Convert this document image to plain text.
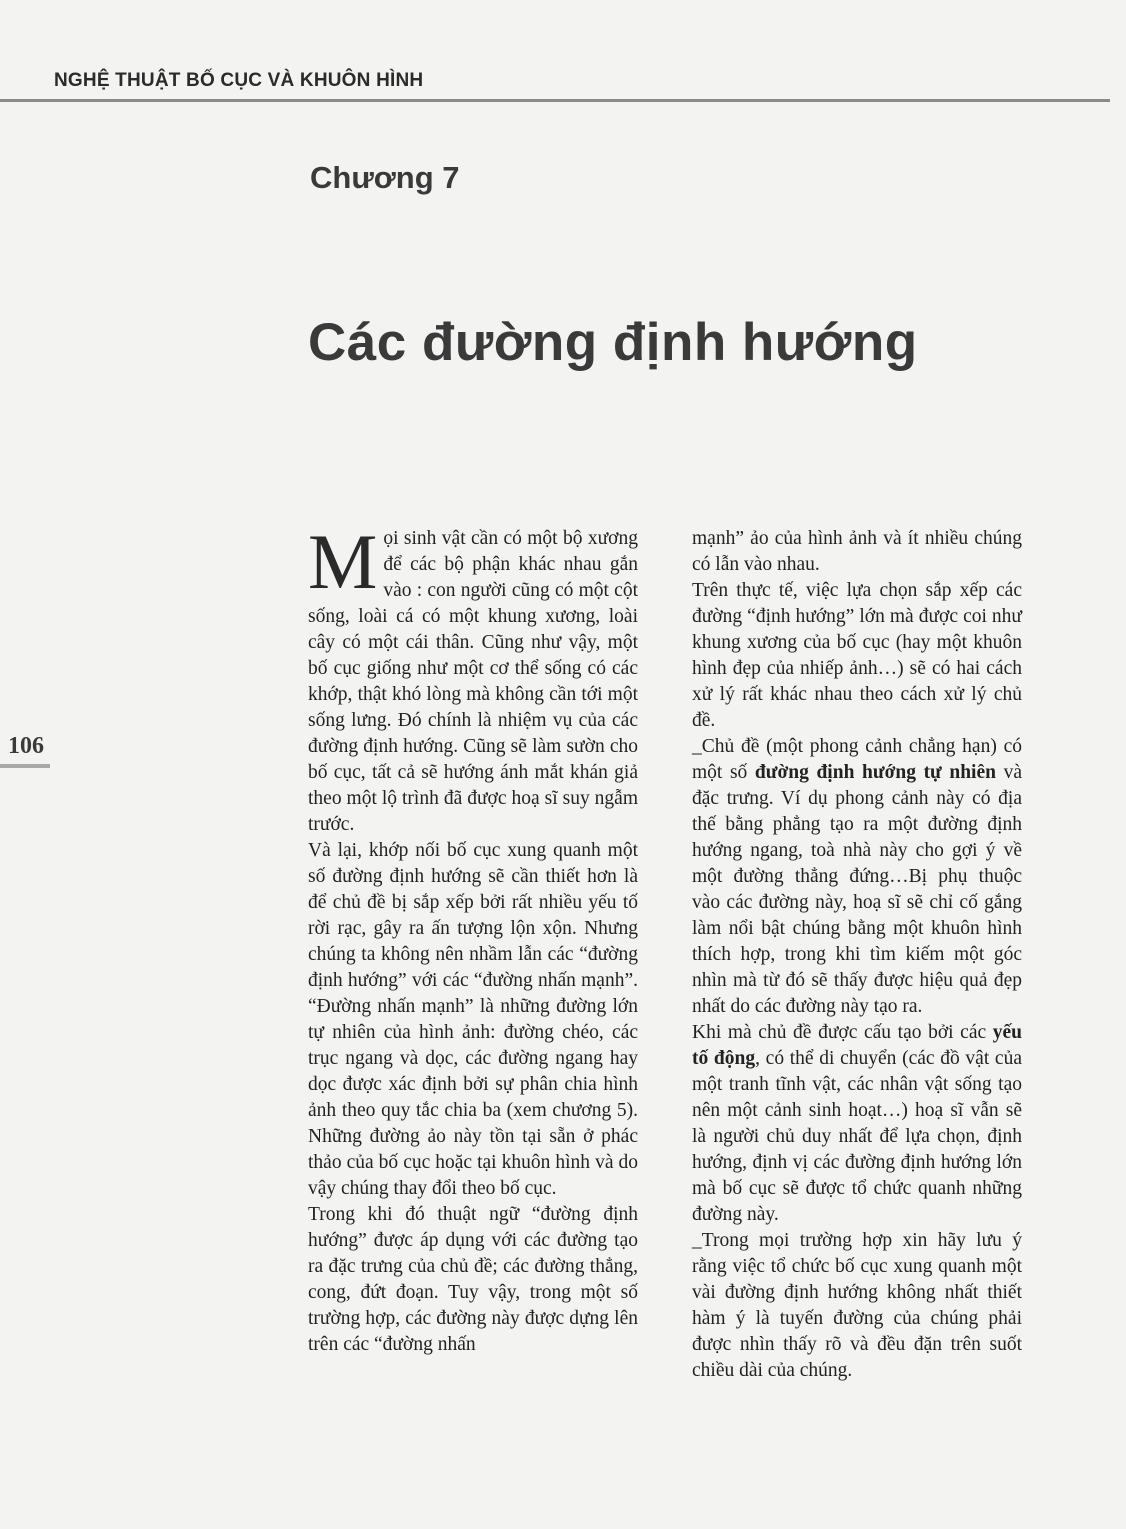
NGHỆ THUẬT BỐ CỤC VÀ KHUÔN HÌNH
Chương 7
Các đường định hướng
106

Mọi sinh vật cần có một bộ xương để các bộ phận khác nhau gắn vào : con người cũng có một cột sống, loài cá có một khung xương, loài cây có một cái thân. Cũng như vậy, một bố cục giống như một cơ thể sống có các khớp, thật khó lòng mà không cần tới một sống lưng. Đó chính là nhiệm vụ của các đường định hướng. Cũng sẽ làm sườn cho bố cục, tất cả sẽ hướng ánh mắt khán giả theo một lộ trình đã được hoạ sĩ suy ngẫm trước.

Và lại, khớp nối bố cục xung quanh một số đường định hướng sẽ cần thiết hơn là để chủ đề bị sắp xếp bởi rất nhiều yếu tố rời rạc, gây ra ấn tượng lộn xộn. Nhưng chúng ta không nên nhầm lẫn các “đường định hướng” với các “đường nhấn mạnh”. “Đường nhấn mạnh” là những đường lớn tự nhiên của hình ảnh: đường chéo, các trục ngang và dọc, các đường ngang hay dọc được xác định bởi sự phân chia hình ảnh theo quy tắc chia ba (xem chương 5). Những đường ảo này tồn tại sẵn ở phác thảo của bố cục hoặc tại khuôn hình và do vậy chúng thay đổi theo bố cục.

Trong khi đó thuật ngữ “đường định hướng” được áp dụng với các đường tạo ra đặc trưng của chủ đề; các đường thẳng, cong, đứt đoạn. Tuy vậy, trong một số trường hợp, các đường này được dựng lên trên các “đường nhấn

mạnh” ảo của hình ảnh và ít nhiều chúng có lẫn vào nhau.

Trên thực tế, việc lựa chọn sắp xếp các đường “định hướng” lớn mà được coi như khung xương của bố cục (hay một khuôn hình đẹp của nhiếp ảnh…) sẽ có hai cách xử lý rất khác nhau theo cách xử lý chủ đề.

_Chủ đề (một phong cảnh chẳng hạn) có một số đường định hướng tự nhiên và đặc trưng. Ví dụ phong cảnh này có địa thế bằng phẳng tạo ra một đường định hướng ngang, toà nhà này cho gợi ý về một đường thẳng đứng…Bị phụ thuộc vào các đường này, hoạ sĩ sẽ chỉ cố gắng làm nổi bật chúng bằng một khuôn hình thích hợp, trong khi tìm kiếm một góc nhìn mà từ đó sẽ thấy được hiệu quả đẹp nhất do các đường này tạo ra.

Khi mà chủ đề được cấu tạo bởi các yếu tố động, có thể di chuyển (các đồ vật của một tranh tĩnh vật, các nhân vật sống tạo nên một cảnh sinh hoạt…) hoạ sĩ vẫn sẽ là người chủ duy nhất để lựa chọn, định hướng, định vị các đường định hướng lớn mà bố cục sẽ được tổ chức quanh những đường này.

_Trong mọi trường hợp xin hãy lưu ý rằng việc tổ chức bố cục xung quanh một vài đường định hướng không nhất thiết hàm ý là tuyến đường của chúng phải được nhìn thấy rõ và đều đặn trên suốt chiều dài của chúng.
